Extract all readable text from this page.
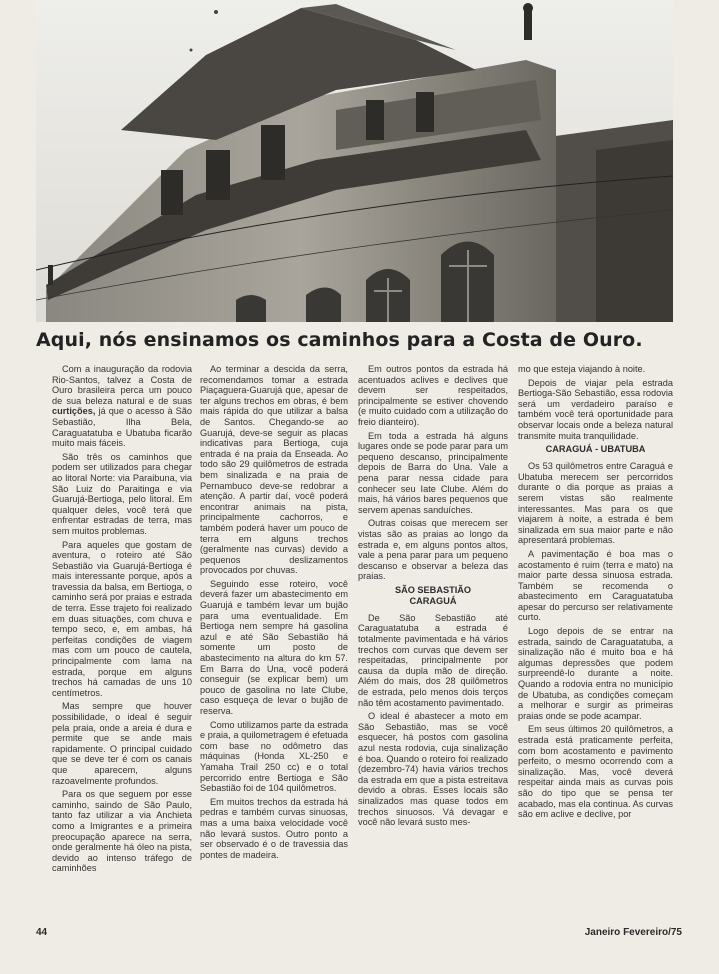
Aqui, nós ensinamos os caminhos para a Costa de Ouro.

Com a inauguração da rodovia Rio-Santos, talvez a Costa de Ouro brasileira perca um pouco de sua beleza natural e de suas curtições, já que o acesso à São Sebastião, Ilha Bela, Caraguatatuba e Ubatuba ficarão muito mais fáceis.

São três os caminhos que podem ser utilizados para chegar ao litoral Norte: via Paraibuna, via São Luiz do Paraitinga e via Guarujá-Bertioga, pelo litoral. Em qualquer deles, você terá que enfrentar estradas de terra, mas sem muitos problemas.

Para aqueles que gostam de aventura, o roteiro até São Sebastião via Guarujá-Bertioga é mais interessante porque, após a travessia da balsa, em Bertioga, o caminho será por praias e estrada de terra. Esse trajeto foi realizado em duas situações, com chuva e tempo seco, e, em ambas, há perfeitas condições de viagem mas com um pouco de cautela, principalmente com lama na estrada, porque em alguns trechos há camadas de uns 10 centímetros.

Mas sempre que houver possibilidade, o ideal é seguir pela praia, onde a areia é dura e permite que se ande mais rapidamente. O principal cuidado que se deve ter é com os canais que aparecem, alguns razoavelmente profundos.

Para os que seguem por esse caminho, saindo de São Paulo, tanto faz utilizar a via Anchieta como a Imigrantes e a primeira preocupação aparece na serra, onde geralmente há óleo na pista, devido ao intenso tráfego de caminhões

Ao terminar a descida da serra, recomendamos tomar a estrada Piaçaguera-Guarujá que, apesar de ter alguns trechos em obras, é bem mais rápida do que utilizar a balsa de Santos. Chegando-se ao Guarujá, deve-se seguir as placas indicativas para Bertioga, cuja entrada é na praia da Enseada. Ao todo são 29 quilômetros de estrada bem sinalizada e na praia de Pernambuco deve-se redobrar a atenção. A partir daí, você poderá encontrar animais na pista, principalmente cachorros, e também poderá haver um pouco de terra em alguns trechos (geralmente nas curvas) devido a pequenos deslizamentos provocados por chuvas.

Seguindo esse roteiro, você deverá fazer um abastecimento em Guarujá e também levar um bujão para uma eventualidade. Em Bertioga nem sempre há gasolina azul e até São Sebastião há somente um posto de abastecimento na altura do km 57. Em Barra do Una, você poderá conseguir (se explicar bem) um pouco de gasolina no Iate Clube, caso esqueça de levar o bujão de reserva.

Como utilizamos parte da estrada e praia, a quilometragem é efetuada com base no odômetro das máquinas (Honda XL-250 e Yamaha Trail 250 cc) e o total percorrido entre Bertioga e São Sebastião foi de 104 quilômetros.

Em muitos trechos da estrada há pedras e também curvas sinuosas, mas a uma baixa velocidade você não levará sustos. Outro ponto a ser observado é o de travessia das pontes de madeira.

Em outros pontos da estrada há acentuados aclives e declives que devem ser respeitados, principalmente se estiver chovendo (e muito cuidado com a utilização do freio dianteiro).

Em toda a estrada há alguns lugares onde se pode parar para um pequeno descanso, principalmente depois de Barra do Una. Vale a pena parar nessa cidade para conhecer seu Iate Clube. Além do mais, há vários bares pequenos que servem apenas sanduíches.

Outras coisas que merecem ser vistas são as praias ao longo da estrada e, em alguns pontos altos, vale a pena parar para um pequeno descanso e observar a beleza das praias.

SÃO SEBASTIÃO
CARAGUÁ

De São Sebastião até Caraguatatuba a estrada é totalmente pavimentada e há vários trechos com curvas que devem ser respeitadas, principalmente por causa da dupla mão de direção. Além do mais, dos 28 quilômetros de estrada, pelo menos dois terços não têm acostamento pavimentado.

O ideal é abastecer a moto em São Sebastião, mas se você esquecer, há postos com gasolina azul nesta rodovia, cuja sinalização é boa. Quando o roteiro foi realizado (dezembro-74) havia vários trechos da estrada em que a pista estreitava devido a obras. Esses locais são sinalizados mas quase todos em trechos sinuosos. Vá devagar e você não levará susto mes-

mo que esteja viajando à noite.

Depois de viajar pela estrada Bertioga-São Sebastião, essa rodovia será um verdadeiro paraíso e também você terá oportunidade para observar locais onde a beleza natural transmite muita tranquilidade.

CARAGUÁ - UBATUBA

Os 53 quilômetros entre Caraguá e Ubatuba merecem ser percorridos durante o dia porque as praias a serem vistas são realmente interessantes. Mas para os que viajarem à noite, a estrada é bem sinalizada em sua maior parte e não apresentará problemas.

A pavimentação é boa mas o acostamento é ruim (terra e mato) na maior parte dessa sinuosa estrada. Também se recomenda o abastecimento em Caraguatatuba apesar do percurso ser relativamente curto.

Logo depois de se entrar na estrada, saindo de Caraguatatuba, a sinalização não é muito boa e há algumas depressões que podem surpreendê-lo durante a noite. Quando a rodovia entra no município de Ubatuba, as condições começam a melhorar e surgir as primeiras praias onde se pode acampar.

Em seus últimos 20 quilômetros, a estrada está praticamente perfeita, com bom acostamento e pavimento perfeito, o mesmo ocorrendo com a sinalização. Mas, você deverá respeitar ainda mais as curvas pois são do tipo que se pensa ter acabado, mas ela continua. As curvas são em aclive e declive, por

44	Janeiro Fevereiro/75
